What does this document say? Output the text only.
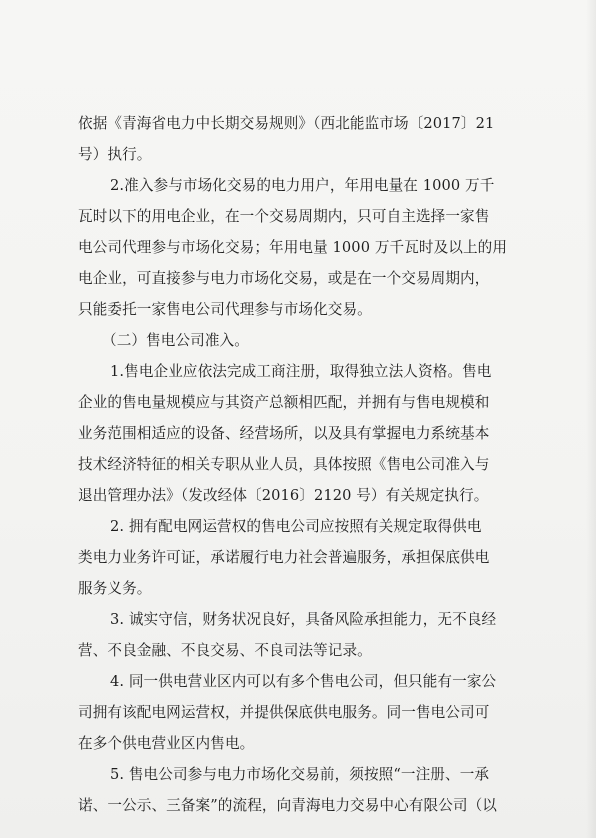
依据《青海省电力中长期交易规则》（西北能监市场〔2017〕21
号）执行。
2.准入参与市场化交易的电力用户，年用电量在 1000 万千
瓦时以下的用电企业，在一个交易周期内，只可自主选择一家售
电公司代理参与市场化交易；年用电量 1000 万千瓦时及以上的用
电企业，可直接参与电力市场化交易，或是在一个交易周期内，
只能委托一家售电公司代理参与市场化交易。
（二）售电公司准入。
1.售电企业应依法完成工商注册，取得独立法人资格。售电
企业的售电量规模应与其资产总额相匹配，并拥有与售电规模和
业务范围相适应的设备、经营场所，以及具有掌握电力系统基本
技术经济特征的相关专职从业人员，具体按照《售电公司准入与
退出管理办法》（发改经体〔2016〕2120 号）有关规定执行。
2. 拥有配电网运营权的售电公司应按照有关规定取得供电
类电力业务许可证，承诺履行电力社会普遍服务，承担保底供电
服务义务。
3. 诚实守信，财务状况良好，具备风险承担能力，无不良经
营、不良金融、不良交易、不良司法等记录。
4. 同一供电营业区内可以有多个售电公司，但只能有一家公
司拥有该配电网运营权，并提供保底供电服务。同一售电公司可
在多个供电营业区内售电。
5. 售电公司参与电力市场化交易前，须按照“一注册、一承
诺、一公示、三备案”的流程，向青海电力交易中心有限公司（以
